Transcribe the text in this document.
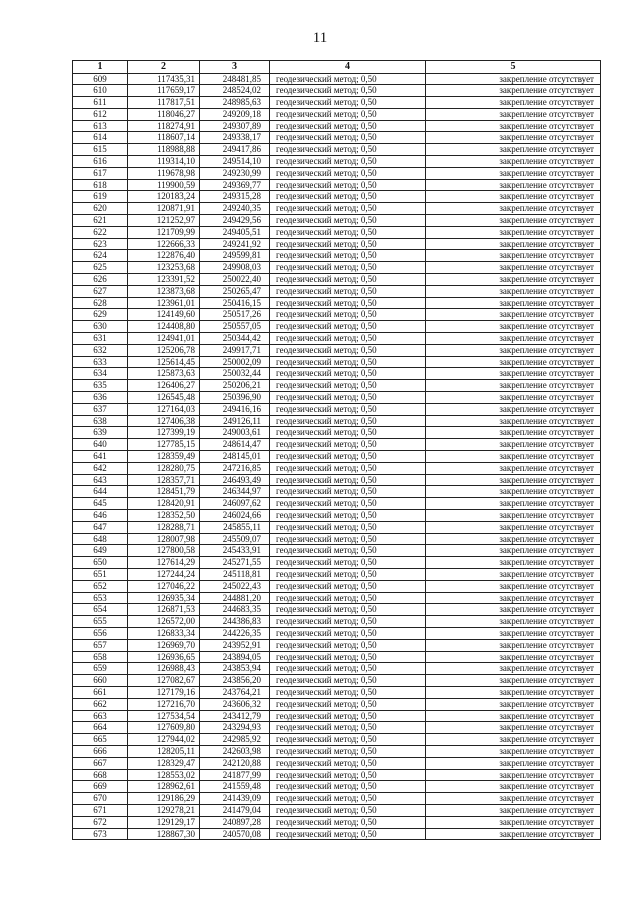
11
1	2	3	4	5
609	117435,31	248481,85	геодезический метод; 0,50	закрепление отсутствует
610	117659,17	248524,02	геодезический метод; 0,50	закрепление отсутствует
611	117817,51	248985,63	геодезический метод; 0,50	закрепление отсутствует
612	118046,27	249209,18	геодезический метод; 0,50	закрепление отсутствует
613	118274,91	249307,89	геодезический метод; 0,50	закрепление отсутствует
614	118607,14	249338,17	геодезический метод; 0,50	закрепление отсутствует
615	118988,88	249417,86	геодезический метод; 0,50	закрепление отсутствует
616	119314,10	249514,10	геодезический метод; 0,50	закрепление отсутствует
617	119678,98	249230,99	геодезический метод; 0,50	закрепление отсутствует
618	119900,59	249369,77	геодезический метод; 0,50	закрепление отсутствует
619	120183,24	249315,28	геодезический метод; 0,50	закрепление отсутствует
620	120871,91	249240,35	геодезический метод; 0,50	закрепление отсутствует
621	121252,97	249429,56	геодезический метод; 0,50	закрепление отсутствует
622	121709,99	249405,51	геодезический метод; 0,50	закрепление отсутствует
623	122666,33	249241,92	геодезический метод; 0,50	закрепление отсутствует
624	122876,40	249599,81	геодезический метод; 0,50	закрепление отсутствует
625	123253,68	249908,03	геодезический метод; 0,50	закрепление отсутствует
626	123391,52	250022,40	геодезический метод; 0,50	закрепление отсутствует
627	123873,68	250265,47	геодезический метод; 0,50	закрепление отсутствует
628	123961,01	250416,15	геодезический метод; 0,50	закрепление отсутствует
629	124149,60	250517,26	геодезический метод; 0,50	закрепление отсутствует
630	124408,80	250557,05	геодезический метод; 0,50	закрепление отсутствует
631	124941,01	250344,42	геодезический метод; 0,50	закрепление отсутствует
632	125206,78	249917,71	геодезический метод; 0,50	закрепление отсутствует
633	125614,45	250002,09	геодезический метод; 0,50	закрепление отсутствует
634	125873,63	250032,44	геодезический метод; 0,50	закрепление отсутствует
635	126406,27	250206,21	геодезический метод; 0,50	закрепление отсутствует
636	126545,48	250396,90	геодезический метод; 0,50	закрепление отсутствует
637	127164,03	249416,16	геодезический метод; 0,50	закрепление отсутствует
638	127406,38	249126,11	геодезический метод; 0,50	закрепление отсутствует
639	127399,19	249003,61	геодезический метод; 0,50	закрепление отсутствует
640	127785,15	248614,47	геодезический метод; 0,50	закрепление отсутствует
641	128359,49	248145,01	геодезический метод; 0,50	закрепление отсутствует
642	128280,75	247216,85	геодезический метод; 0,50	закрепление отсутствует
643	128357,71	246493,49	геодезический метод; 0,50	закрепление отсутствует
644	128451,79	246344,97	геодезический метод; 0,50	закрепление отсутствует
645	128420,91	246097,62	геодезический метод; 0,50	закрепление отсутствует
646	128352,50	246024,66	геодезический метод; 0,50	закрепление отсутствует
647	128288,71	245855,11	геодезический метод; 0,50	закрепление отсутствует
648	128007,98	245509,07	геодезический метод; 0,50	закрепление отсутствует
649	127800,58	245433,91	геодезический метод; 0,50	закрепление отсутствует
650	127614,29	245271,55	геодезический метод; 0,50	закрепление отсутствует
651	127244,24	245118,81	геодезический метод; 0,50	закрепление отсутствует
652	127046,22	245022,43	геодезический метод; 0,50	закрепление отсутствует
653	126935,34	244881,20	геодезический метод; 0,50	закрепление отсутствует
654	126871,53	244683,35	геодезический метод; 0,50	закрепление отсутствует
655	126572,00	244386,83	геодезический метод; 0,50	закрепление отсутствует
656	126833,34	244226,35	геодезический метод; 0,50	закрепление отсутствует
657	126969,70	243952,91	геодезический метод; 0,50	закрепление отсутствует
658	126936,65	243894,05	геодезический метод; 0,50	закрепление отсутствует
659	126988,43	243853,94	геодезический метод; 0,50	закрепление отсутствует
660	127082,67	243856,20	геодезический метод; 0,50	закрепление отсутствует
661	127179,16	243764,21	геодезический метод; 0,50	закрепление отсутствует
662	127216,70	243606,32	геодезический метод; 0,50	закрепление отсутствует
663	127534,54	243412,79	геодезический метод; 0,50	закрепление отсутствует
664	127609,80	243294,93	геодезический метод; 0,50	закрепление отсутствует
665	127944,02	242985,92	геодезический метод; 0,50	закрепление отсутствует
666	128205,11	242603,98	геодезический метод; 0,50	закрепление отсутствует
667	128329,47	242120,88	геодезический метод; 0,50	закрепление отсутствует
668	128553,02	241877,99	геодезический метод; 0,50	закрепление отсутствует
669	128962,61	241559,48	геодезический метод; 0,50	закрепление отсутствует
670	129186,29	241439,09	геодезический метод; 0,50	закрепление отсутствует
671	129278,21	241479,04	геодезический метод; 0,50	закрепление отсутствует
672	129129,17	240897,28	геодезический метод; 0,50	закрепление отсутствует
673	128867,30	240570,08	геодезический метод; 0,50	закрепление отсутствует
